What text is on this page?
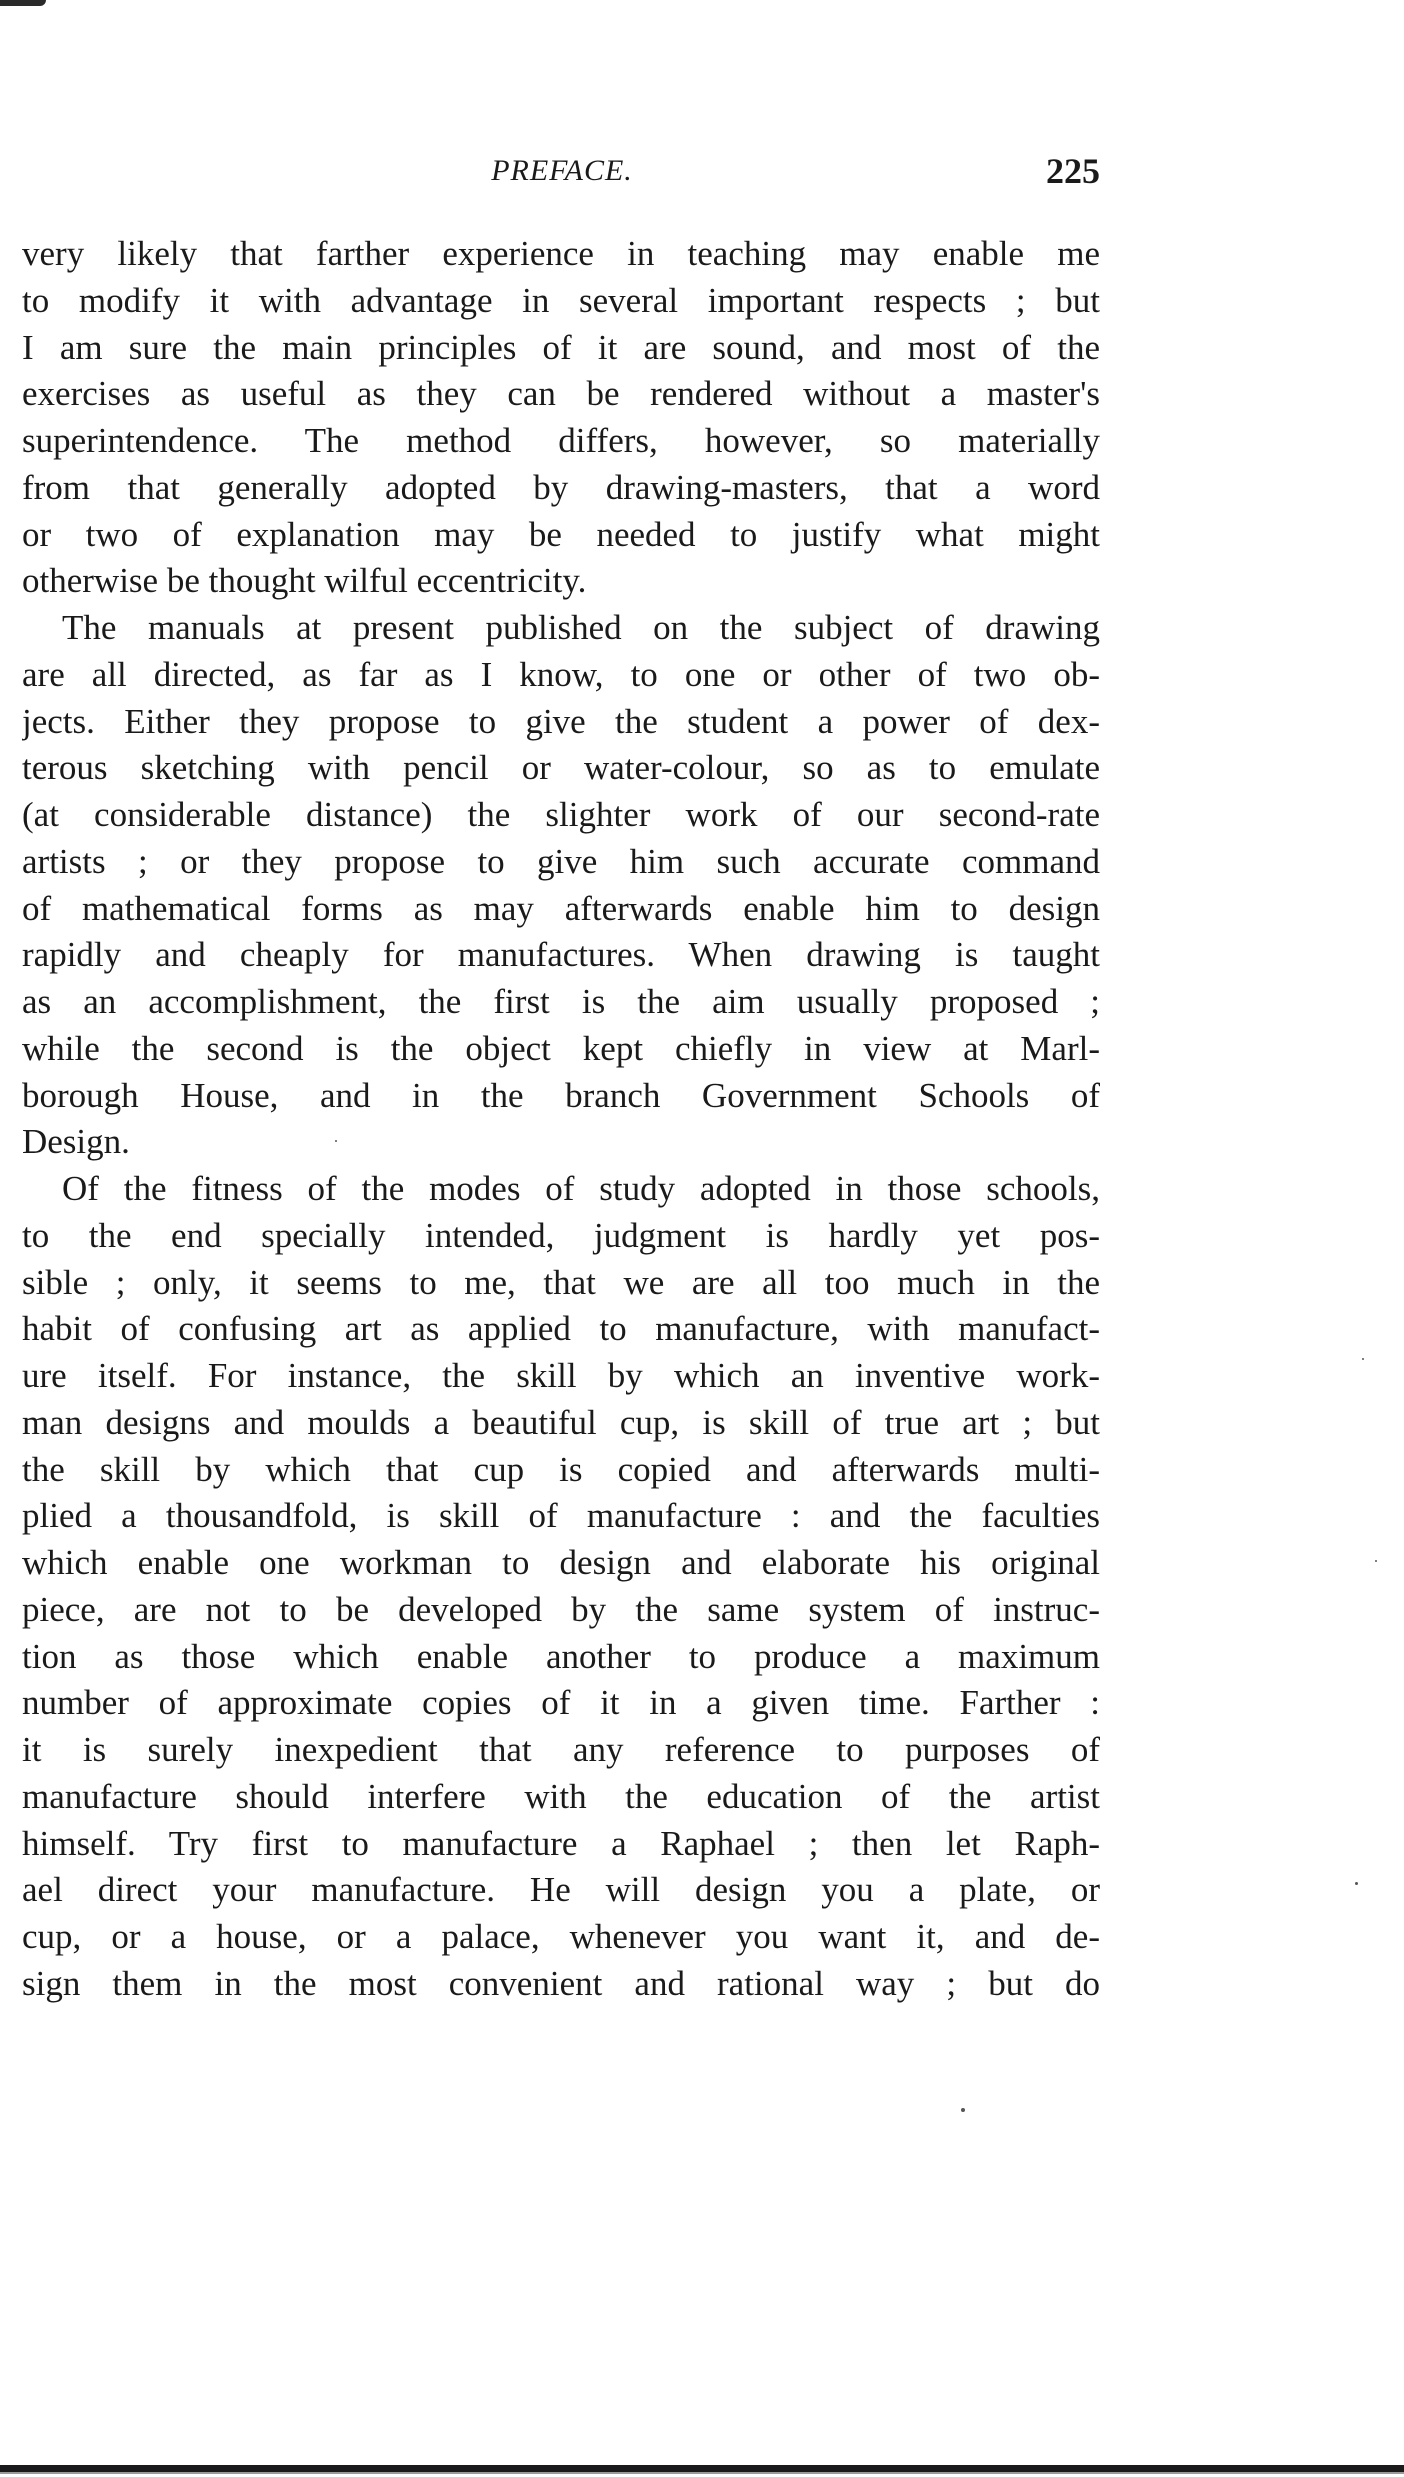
PREFACE.	225
very likely that farther experience in teaching may enable me
to modify it with advantage in several important respects ; but
I am sure the main principles of it are sound, and most of the
exercises as useful as they can be rendered without a master's
superintendence. The method differs, however, so materially
from that generally adopted by drawing-masters, that a word
or two of explanation may be needed to justify what might
otherwise be thought wilful eccentricity.
The manuals at present published on the subject of drawing
are all directed, as far as I know, to one or other of two ob-
jects. Either they propose to give the student a power of dex-
terous sketching with pencil or water-colour, so as to emulate
(at considerable distance) the slighter work of our second-rate
artists ; or they propose to give him such accurate command
of mathematical forms as may afterwards enable him to design
rapidly and cheaply for manufactures. When drawing is taught
as an accomplishment, the first is the aim usually proposed ;
while the second is the object kept chiefly in view at Marl-
borough House, and in the branch Government Schools of
Design.
Of the fitness of the modes of study adopted in those schools,
to the end specially intended, judgment is hardly yet pos-
sible ; only, it seems to me, that we are all too much in the
habit of confusing art as applied to manufacture, with manufact-
ure itself. For instance, the skill by which an inventive work-
man designs and moulds a beautiful cup, is skill of true art ; but
the skill by which that cup is copied and afterwards multi-
plied a thousandfold, is skill of manufacture : and the faculties
which enable one workman to design and elaborate his original
piece, are not to be developed by the same system of instruc-
tion as those which enable another to produce a maximum
number of approximate copies of it in a given time. Farther :
it is surely inexpedient that any reference to purposes of
manufacture should interfere with the education of the artist
himself. Try first to manufacture a Raphael ; then let Raph-
ael direct your manufacture. He will design you a plate, or
cup, or a house, or a palace, whenever you want it, and de-
sign them in the most convenient and rational way ; but do
